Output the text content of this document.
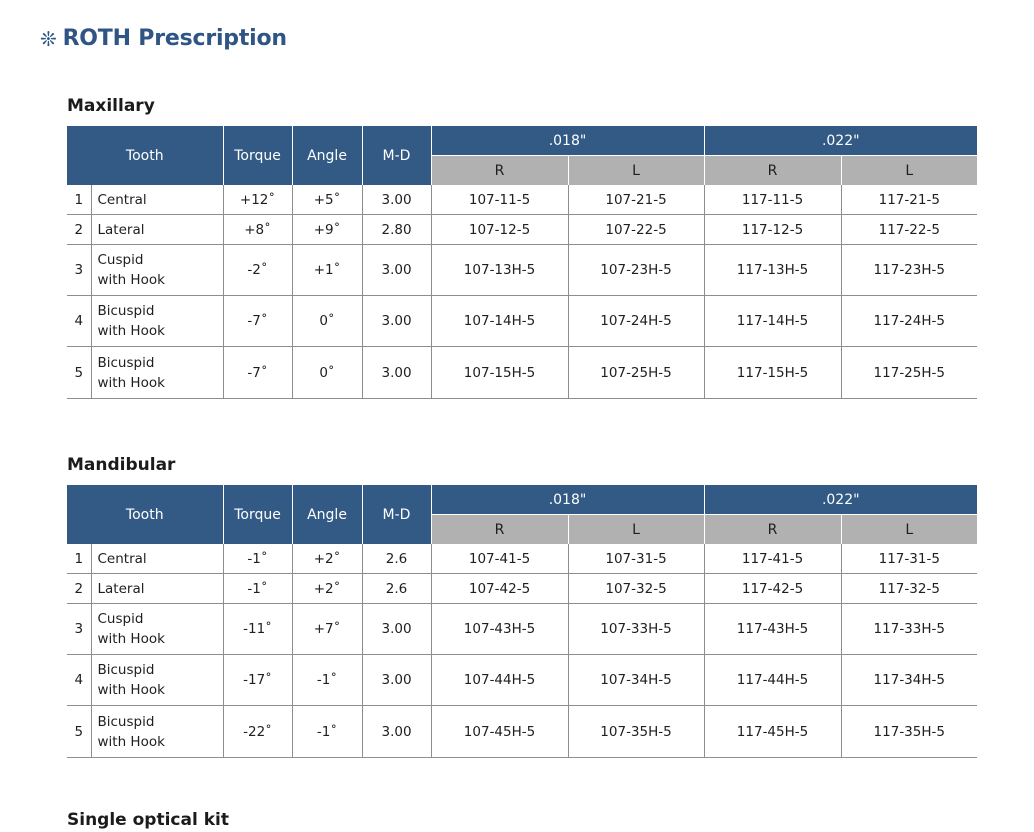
❊ ROTH Prescription
Maxillary
Tooth		Torque	Angle	M-D	.018"		.022"	
					R	L	R	L
1	Central	+12˚	+5˚	3.00	107-11-5	107-21-5	117-11-5	117-21-5
2	Lateral	+8˚	+9˚	2.80	107-12-5	107-22-5	117-12-5	117-22-5
3	Cuspid
with Hook	-2˚	+1˚	3.00	107-13H-5	107-23H-5	117-13H-5	117-23H-5
4	Bicuspid
with Hook	-7˚	0˚	3.00	107-14H-5	107-24H-5	117-14H-5	117-24H-5
5	Bicuspid
with Hook	-7˚	0˚	3.00	107-15H-5	107-25H-5	117-15H-5	117-25H-5
Mandibular
Tooth		Torque	Angle	M-D	.018"		.022"	
					R	L	R	L
1	Central	-1˚	+2˚	2.6	107-41-5	107-31-5	117-41-5	117-31-5
2	Lateral	-1˚	+2˚	2.6	107-42-5	107-32-5	117-42-5	117-32-5
3	Cuspid
with Hook	-11˚	+7˚	3.00	107-43H-5	107-33H-5	117-43H-5	117-33H-5
4	Bicuspid
with Hook	-17˚	-1˚	3.00	107-44H-5	107-34H-5	117-44H-5	117-34H-5
5	Bicuspid
with Hook	-22˚	-1˚	3.00	107-45H-5	107-35H-5	117-45H-5	117-35H-5
Single optical kit
